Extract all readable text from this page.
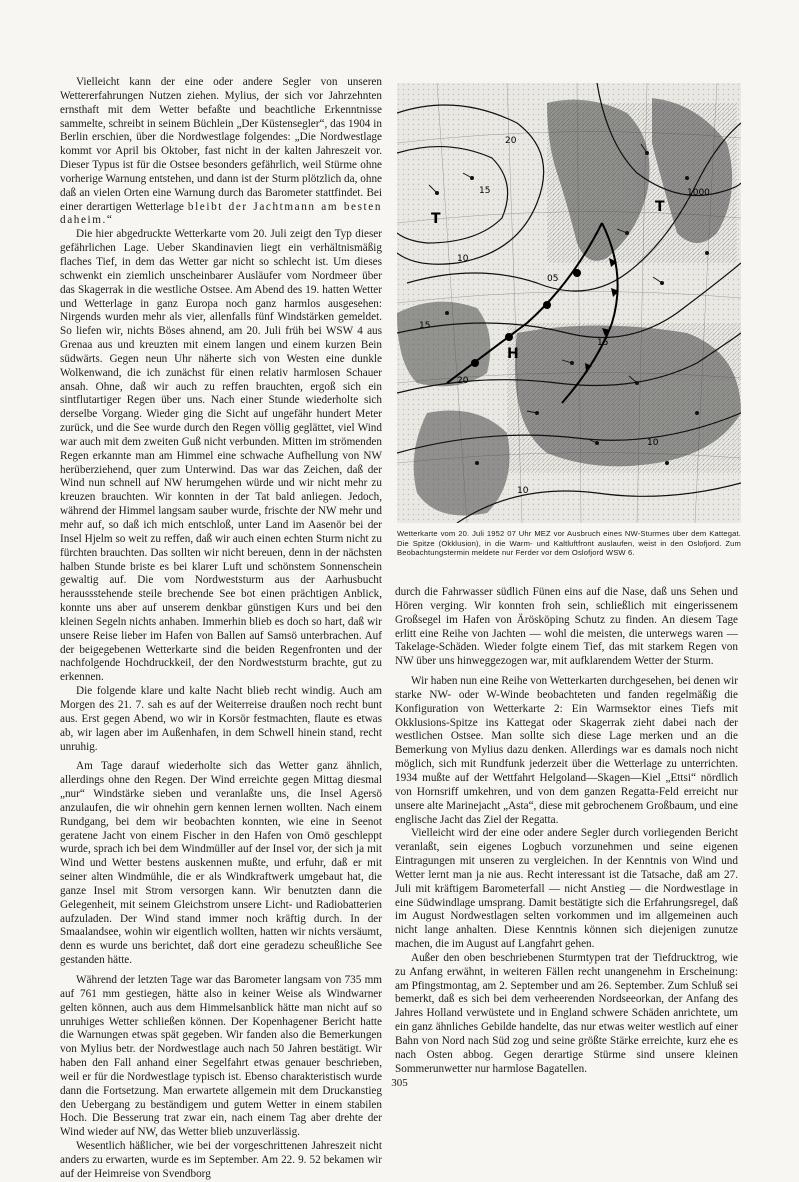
Vielleicht kann der eine oder andere Segler von unseren Wettererfahrungen Nutzen ziehen. Mylius, der sich vor Jahrzehnten ernsthaft mit dem Wetter befaßte und beachtliche Erkenntnisse sammelte, schreibt in seinem Büchlein „Der Küstensegler“, das 1904 in Berlin erschien, über die Nordwestlage folgendes: „Die Nordwestlage kommt vor April bis Oktober, fast nicht in der kalten Jahreszeit vor. Dieser Typus ist für die Ostsee besonders gefährlich, weil Stürme ohne vorherige Warnung entstehen, und dann ist der Sturm plötzlich da, ohne daß an vielen Orten eine Warnung durch das Barometer stattfindet. Bei einer derartigen Wetterlage bleibt der Jachtmann am besten daheim.“

Die hier abgedruckte Wetterkarte vom 20. Juli zeigt den Typ dieser gefährlichen Lage. Ueber Skandinavien liegt ein verhältnismäßig flaches Tief, in dem das Wetter gar nicht so schlecht ist. Um dieses schwenkt ein ziemlich unscheinbarer Ausläufer vom Nordmeer über das Skagerrak in die westliche Ostsee. Am Abend des 19. hatten Wetter und Wetterlage in ganz Europa noch ganz harmlos ausgesehen: Nirgends wurden mehr als vier, allenfalls fünf Windstärken gemeldet. So liefen wir, nichts Böses ahnend, am 20. Juli früh bei WSW 4 aus Grenaa aus und kreuzten mit einem langen und einem kurzen Bein südwärts. Gegen neun Uhr näherte sich von Westen eine dunkle Wolkenwand, die ich zunächst für einen relativ harmlosen Schauer ansah. Ohne, daß wir auch zu reffen brauchten, ergoß sich ein sintflutartiger Regen über uns. Nach einer Stunde wiederholte sich derselbe Vorgang. Wieder ging die Sicht auf ungefähr hundert Meter zurück, und die See wurde durch den Regen völlig geglättet, viel Wind war auch mit dem zweiten Guß nicht verbunden. Mitten im strömenden Regen erkannte man am Himmel eine schwache Aufhellung von NW herüberziehend, quer zum Unterwind. Das war das Zeichen, daß der Wind nun schnell auf NW herumgehen würde und wir nicht mehr zu kreuzen brauchten. Wir konnten in der Tat bald anliegen. Jedoch, während der Himmel langsam sauber wurde, frischte der NW mehr und mehr auf, so daß ich mich entschloß, unter Land im Aasenör bei der Insel Hjelm so weit zu reffen, daß wir auch einen echten Sturm nicht zu fürchten brauchten. Das sollten wir nicht bereuen, denn in der nächsten halben Stunde briste es bei klarer Luft und schönstem Sonnenschein gewaltig auf. Die vom Nordweststurm aus der Aarhusbucht heraussstehende steile brechende See bot einen prächtigen Anblick, konnte uns aber auf unserem denkbar günstigen Kurs und bei den kleinen Segeln nichts anhaben. Immerhin blieb es doch so hart, daß wir unsere Reise lieber im Hafen von Ballen auf Samsö unterbrachen. Auf der beigegebenen Wetterkarte sind die beiden Regenfronten und der nachfolgende Hochdruckkeil, der den Nordweststurm brachte, gut zu erkennen.

Die folgende klare und kalte Nacht blieb recht windig. Auch am Morgen des 21. 7. sah es auf der Weiterreise draußen noch recht bunt aus. Erst gegen Abend, wo wir in Korsör festmachten, flaute es etwas ab, wir lagen aber im Außenhafen, in dem Schwell hinein stand, recht unruhig.

Am Tage darauf wiederholte sich das Wetter ganz ähnlich, allerdings ohne den Regen. Der Wind erreichte gegen Mittag diesmal „nur“ Windstärke sieben und veranlaßte uns, die Insel Agersö anzulaufen, die wir ohnehin gern kennen lernen wollten. Nach einem Rundgang, bei dem wir beobachten konnten, wie eine in Seenot geratene Jacht von einem Fischer in den Hafen von Omö geschleppt wurde, sprach ich bei dem Windmüller auf der Insel vor, der sich ja mit Wind und Wetter bestens auskennen mußte, und erfuhr, daß er mit seiner alten Windmühle, die er als Windkraftwerk umgebaut hat, die ganze Insel mit Strom versorgen kann. Wir benutzten dann die Gelegenheit, mit seinem Gleichstrom unsere Licht- und Radiobatterien aufzuladen. Der Wind stand immer noch kräftig durch. In der Smaalandsee, wohin wir eigentlich wollten, hatten wir nichts versäumt, denn es wurde uns berichtet, daß dort eine geradezu scheußliche See gestanden hätte.

Während der letzten Tage war das Barometer langsam von 735 mm auf 761 mm gestiegen, hätte also in keiner Weise als Windwarner gelten können, auch aus dem Himmelsanblick hätte man nicht auf so unruhiges Wetter schließen können. Der Kopenhagener Bericht hatte die Warnungen etwas spät gegeben. Wir fanden also die Bemerkungen von Mylius betr. der Nordwestlage auch nach 50 Jahren bestätigt. Wir haben den Fall anhand einer Segelfahrt etwas genauer beschrieben, weil er für die Nordwestlage typisch ist. Ebenso charakteristisch wurde dann die Fortsetzung. Man erwartete allgemein mit dem Druckanstieg den Uebergang zu beständigem und gutem Wetter in einem stabilen Hoch. Die Besserung trat zwar ein, nach einem Tag aber drehte der Wind wieder auf NW, das Wetter blieb unzuverlässig.

Wesentlich häßlicher, wie bei der vorgeschrittenen Jahreszeit nicht anders zu erwarten, wurde es im September. Am 22. 9. 52 bekamen wir auf der Heimreise von Svendborg

20
15
10
05
1000
15
20
15
10
10
T
T
H
Wetterkarte vom 20. Juli 1952 07 Uhr MEZ vor Ausbruch eines NW-Sturmes über dem Kattegat. Die Spitze (Okklusion), in die Warm- und Kaltluftfront auslaufen, weist in den Oslofjord. Zum Beobachtungstermin meldete nur Ferder vor dem Oslofjord WSW 6.

durch die Fahrwasser südlich Fünen eins auf die Nase, daß uns Sehen und Hören verging. Wir konnten froh sein, schließlich mit eingerissenem Großsegel im Hafen von Ärösköping Schutz zu finden. An diesem Tage erlitt eine Reihe von Jachten — wohl die meisten, die unterwegs waren — Takelage-Schäden. Wieder folgte einem Tief, das mit starkem Regen von NW über uns hinweggezogen war, mit aufklarendem Wetter der Sturm.

Wir haben nun eine Reihe von Wetterkarten durchgesehen, bei denen wir starke NW- oder W-Winde beobachteten und fanden regelmäßig die Konfiguration von Wetterkarte 2: Ein Warmsektor eines Tiefs mit Okklusions-Spitze ins Kattegat oder Skagerrak zieht dabei nach der westlichen Ostsee. Man sollte sich diese Lage merken und an die Bemerkung von Mylius dazu denken. Allerdings war es damals noch nicht möglich, sich mit Rundfunk jederzeit über die Wetterlage zu unterrichten. 1934 mußte auf der Wettfahrt Helgoland—Skagen—Kiel „Ettsi“ nördlich von Hornsriff umkehren, und von dem ganzen Regatta-Feld erreicht nur unsere alte Marinejacht „Asta“, diese mit gebrochenem Großbaum, und eine englische Jacht das Ziel der Regatta.

Vielleicht wird der eine oder andere Segler durch vorliegenden Bericht veranlaßt, sein eigenes Logbuch vorzunehmen und seine eigenen Eintragungen mit unseren zu vergleichen. In der Kenntnis von Wind und Wetter lernt man ja nie aus. Recht interessant ist die Tatsache, daß am 27. Juli mit kräftigem Barometerfall — nicht Anstieg — die Nordwestlage in eine Südwindlage umsprang. Damit bestätigte sich die Erfahrungsregel, daß im August Nordwestlagen selten vorkommen und im allgemeinen auch nicht lange anhalten. Diese Kenntnis können sich diejenigen zunutze machen, die im August auf Langfahrt gehen.

Außer den oben beschriebenen Sturmtypen trat der Tiefdrucktrog, wie zu Anfang erwähnt, in weiteren Fällen recht unangenehm in Erscheinung: am Pfingstmontag, am 2. September und am 26. September. Zum Schluß sei bemerkt, daß es sich bei dem verheerenden Nordseeorkan, der Anfang des Jahres Holland verwüstete und in England schwere Schäden anrichtete, um ein ganz ähnliches Gebilde handelte, das nur etwas weiter westlich auf einer Bahn von Nord nach Süd zog und seine größte Stärke erreichte, kurz ehe es nach Osten abbog. Gegen derartige Stürme sind unsere kleinen Sommerunwetter nur harmlose Bagatellen.

305
